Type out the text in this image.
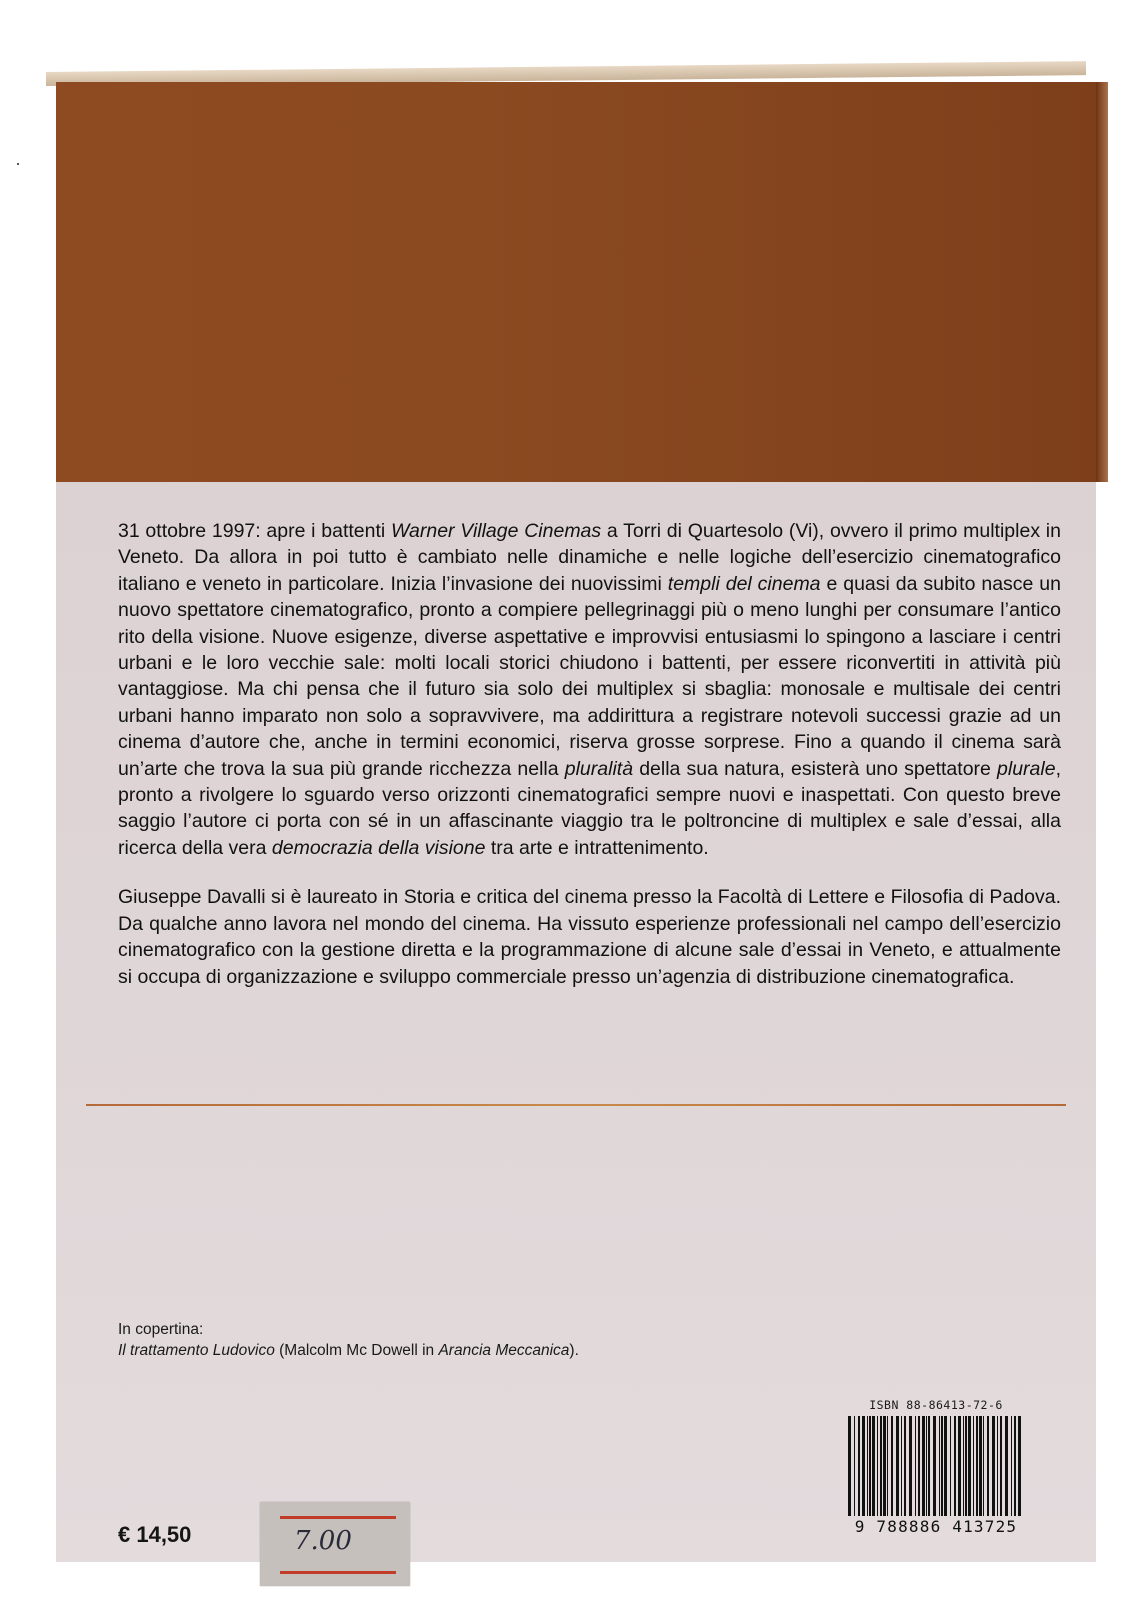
31 ottobre 1997: apre i battenti Warner Village Cinemas a Torri di Quartesolo (Vi), ovvero il primo multiplex in Veneto. Da allora in poi tutto è cambiato nelle dinamiche e nelle logiche dell’esercizio cinematografico italiano e veneto in particolare. Inizia l’invasione dei nuovissimi templi del cinema e quasi da subito nasce un nuovo spettatore cinematografico, pronto a compiere pellegrinaggi più o meno lunghi per consumare l’antico rito della visione. Nuove esigenze, diverse aspettative e improvvisi entusiasmi lo spingono a lasciare i centri urbani e le loro vecchie sale: molti locali storici chiudono i battenti, per essere riconvertiti in attività più vantaggiose. Ma chi pensa che il futuro sia solo dei multiplex si sbaglia: monosale e multisale dei centri urbani hanno imparato non solo a sopravvivere, ma addirittura a registrare notevoli successi grazie ad un cinema d’autore che, anche in termini economici, riserva grosse sorprese. Fino a quando il cinema sarà un’arte che trova la sua più grande ricchezza nella pluralità della sua natura, esisterà uno spettatore plurale, pronto a rivolgere lo sguardo verso orizzonti cinematografici sempre nuovi e inaspettati. Con questo breve saggio l’autore ci porta con sé in un affascinante viaggio tra le poltroncine di multiplex e sale d’essai, alla ricerca della vera democrazia della visione tra arte e intrattenimento.

Giuseppe Davalli si è laureato in Storia e critica del cinema presso la Facoltà di Lettere e Filosofia di Padova. Da qualche anno lavora nel mondo del cinema. Ha vissuto esperienze professionali nel campo dell’esercizio cinematografico con la gestione diretta e la programmazione di alcune sale d’essai in Veneto, e attualmente si occupa di organizzazione e sviluppo commerciale presso un’agenzia di distribuzione cinematografica.

In copertina:
Il trattamento Ludovico (Malcolm Mc Dowell in Arancia Meccanica).
ISBN 88-86413-72-6
9 788886 413725
€ 14,50	7.00
